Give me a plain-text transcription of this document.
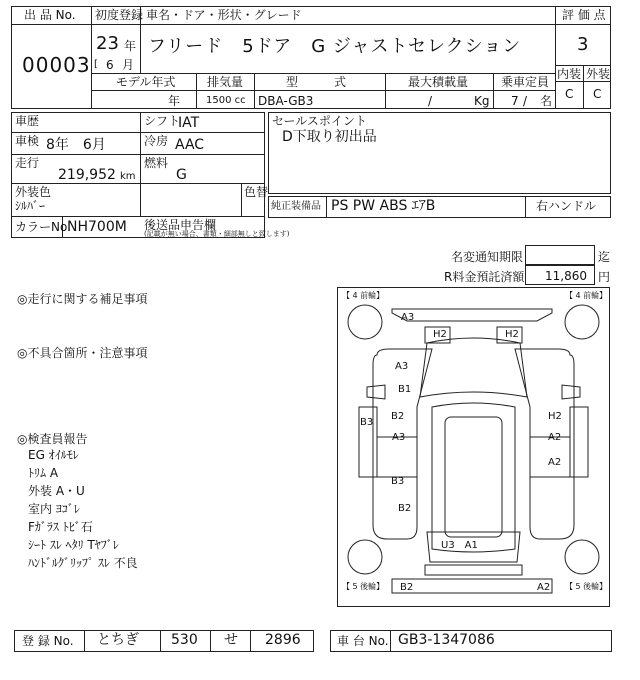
出 品 No.
00003
初度登録 車名・ドア・形状・グレード
23 年
[ 6 月
フリード　5ドア　G ジャストセレクション
評 価 点
3
内装 外装
C C
モデル年式	排気量	型　　　式	最大積載量	乗車定員
年	1500 cc DBA-GB3	/	Kg 7 / 名
車歴	シフト
IAT
車検 8年　6月	冷房 AAC
走行
219,952 km
燃料
G
外装色
ｼﾙﾊﾞｰ
色替
カラーNo.
NH700M 後送品申告欄
(記載が無い場合、書類・細部無しと致します)
セールスポイント
D下取り初出品
純正装備品 PS PW ABS ｴｱB	右ハンドル
名変通知期限	迄
R料金預託済額 11,860 円
◎走行に関する補足事項
◎不具合箇所・注意事項
◎検査員報告
EG ｵｲﾙﾓﾚ
ﾄﾘﾑ A
外装 A・U
室内 ﾖｺﾞﾚ
Fｶﾞﾗｽ ﾄﾋﾞ石
ｼｰﾄ ｽﾚ ﾍﾀﾘ Tﾔﾌﾞﾚ
ﾊﾝﾄﾞﾙｸﾞﾘｯﾌﾟ ｽﾚ 不良
【 4 前輪】	【 4 前輪】
【 5 後輪】	【 5 後輪】
A3
H2	H2
A3
B1
B3
B2
A3
B3
H2
A2
A2
B2
U3　A1
B2	A2
登 録 No. とちぎ 530 せ 2896	車 台 No. GB3-1347086
